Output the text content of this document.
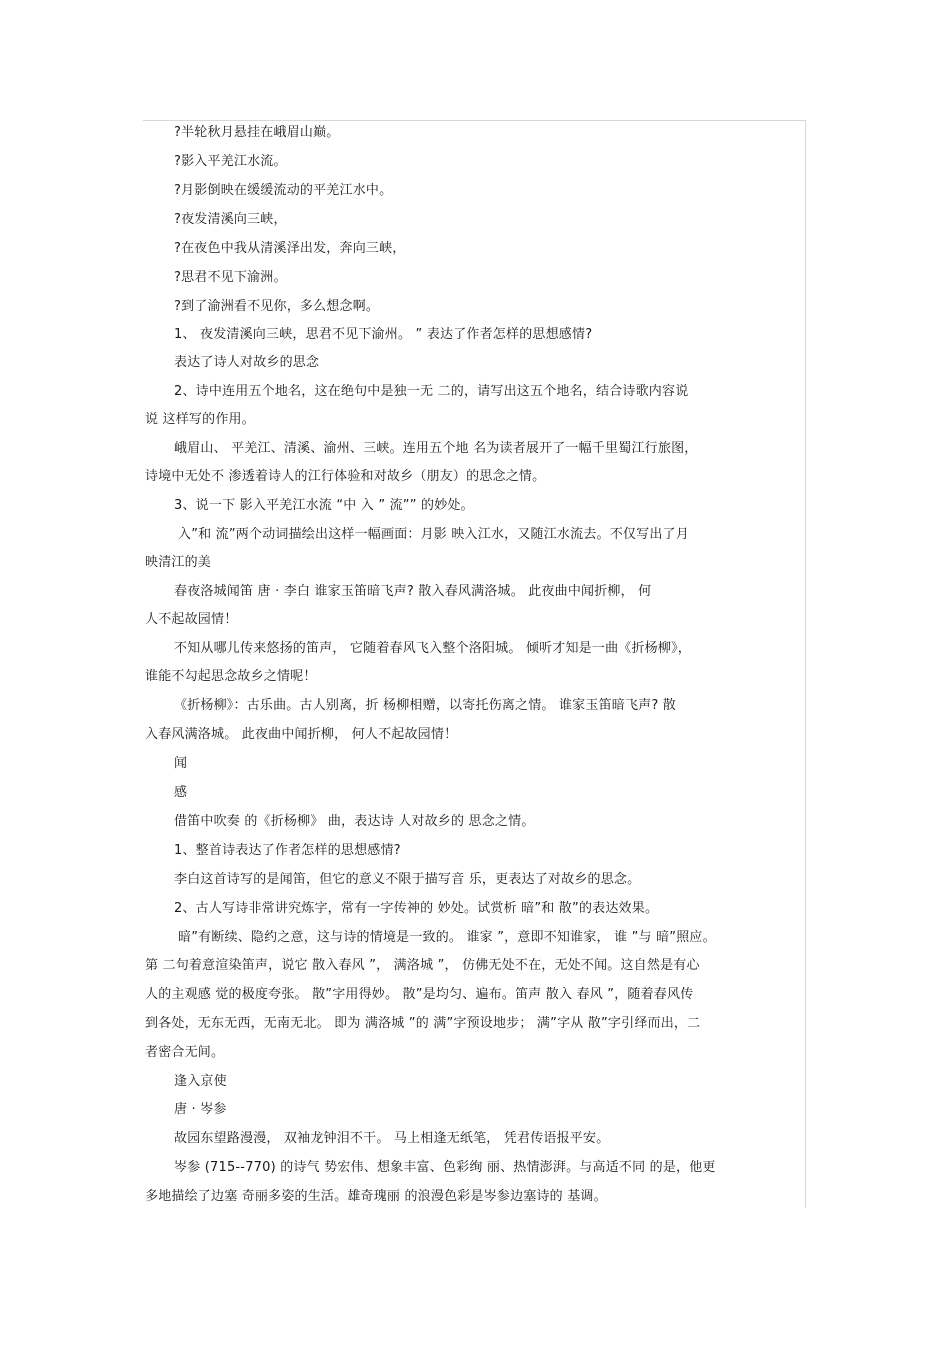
?半轮秋月悬挂在峨眉山巅。
?影入平羌江水流。
?月影倒映在缓缓流动的平羌江水中。
?夜发清溪向三峡，
?在夜色中我从清溪泽出发，奔向三峡，
?思君不见下渝洲。
?到了渝洲看不见你，多么想念啊。
1、 夜发清溪向三峡，思君不见下渝州。 ” 表达了作者怎样的思想感情?
表达了诗人对故乡的思念
2、诗中连用五个地名，这在绝句中是独一无 二的，请写出这五个地名，结合诗歌内容说
说 这样写的作用。
峨眉山、 平羌江、清溪、渝州、三峡。连用五个地 名为读者展开了一幅千里蜀江行旅图，
诗境中无处不 渗透着诗人的江行体验和对故乡（朋友）的思念之情。
3、说一下 影入平羌江水流 “中 入 ” 流”” 的妙处。
入”和 流”两个动词描绘出这样一幅画面：月影 映入江水，又随江水流去。不仅写出了月
映清江的美
春夜洛城闻笛 唐 · 李白 谁家玉笛暗飞声? 散入春风满洛城。 此夜曲中闻折柳， 何
人不起故园情！
不知从哪儿传来悠扬的笛声， 它随着春风飞入整个洛阳城。 倾听才知是一曲《折杨柳》，
谁能不勾起思念故乡之情呢！
《折杨柳》：古乐曲。古人别离，折 杨柳相赠，以寄托伤离之情。 谁家玉笛暗飞声? 散
入春风满洛城。 此夜曲中闻折柳， 何人不起故园情！
闻
感
借笛中吹奏 的《折杨柳》 曲，表达诗 人对故乡的 思念之情。
1、整首诗表达了作者怎样的思想感情?
李白这首诗写的是闻笛，但它的意义不限于描写音 乐，更表达了对故乡的思念。
2、古人写诗非常讲究炼字，常有一字传神的 妙处。试赏析 暗”和 散”的表达效果。
暗”有断续、隐约之意，这与诗的情境是一致的。 谁家 ”，意即不知谁家， 谁 ”与 暗”照应。
第 二句着意渲染笛声，说它 散入春风 ”， 满洛城 ”， 仿佛无处不在，无处不闻。这自然是有心
人的主观感 觉的极度夸张。 散”字用得妙。 散”是均匀、遍布。笛声 散入 春风 ”，随着春风传
到各处，无东无西，无南无北。 即为 满洛城 ”的 满”字预设地步； 满”字从 散”字引绎而出，二
者密合无间。
逢入京使
唐 · 岑参
故园东望路漫漫， 双袖龙钟泪不干。 马上相逢无纸笔， 凭君传语报平安。
岑参 (715--770) 的诗气 势宏伟、想象丰富、色彩绚 丽、热情澎湃。与高适不同 的是，他更
多地描绘了边塞 奇丽多姿的生活。雄奇瑰丽 的浪漫色彩是岑参边塞诗的 基调。
